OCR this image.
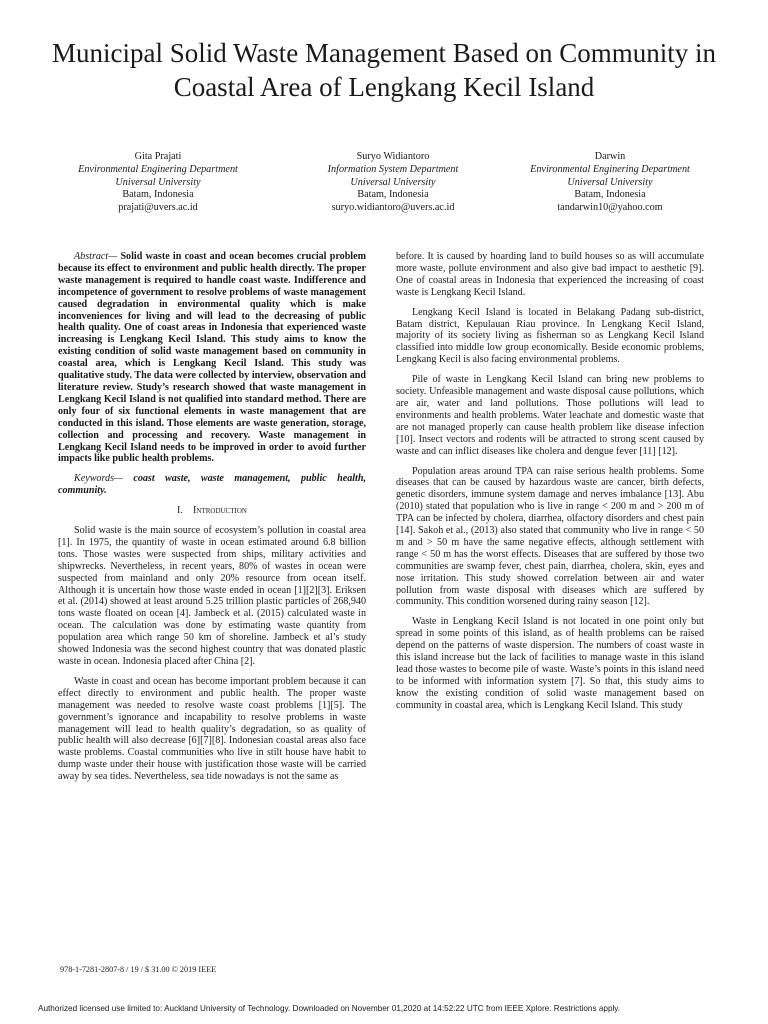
Municipal Solid Waste Management Based on Community in Coastal Area of Lengkang Kecil Island
Gita Prajati
Environmental Enginering Department
Universal University
Batam, Indonesia
prajati@uvers.ac.id
Suryo Widiantoro
Information System Department
Universal University
Batam, Indonesia
suryo.widiantoro@uvers.ac.id
Darwin
Environmental Enginering Department
Universal University
Batam, Indonesia
tandarwin10@yahoo.com

Abstract— Solid waste in coast and ocean becomes crucial problem because its effect to environment and public health directly. The proper waste management is required to handle coast waste. Indifference and incompetence of government to resolve problems of waste management caused degradation in environmental quality which is make inconveniences for living and will lead to the decreasing of public health quality. One of coast areas in Indonesia that experienced waste increasing is Lengkang Kecil Island. This study aims to know the existing condition of solid waste management based on community in coastal area, which is Lengkang Kecil Island. This study was qualitative study. The data were collected by interview, observation and literature review. Study’s research showed that waste management in Lengkang Kecil Island is not qualified into standard method. There are only four of six functional elements in waste management that are conducted in this island. Those elements are waste generation, storage, collection and processing and recovery. Waste management in Lengkang Kecil Island needs to be improved in order to avoid further impacts like public health problems.

Keywords— coast waste, waste management, public health, community.

I. Introduction

Solid waste is the main source of ecosystem’s pollution in coastal area [1]. In 1975, the quantity of waste in ocean estimated around 6.8 billion tons. Those wastes were suspected from ships, military activities and shipwrecks. Nevertheless, in recent years, 80% of wastes in ocean were suspected from mainland and only 20% resource from ocean itself. Although it is uncertain how those waste ended in ocean [1][2][3]. Eriksen et al. (2014) showed at least around 5.25 trillion plastic particles of 268,940 tons waste floated on ocean [4]. Jambeck et al. (2015) calculated waste in ocean. The calculation was done by estimating waste quantity from population area which range 50 km of shoreline. Jambeck et al’s study showed Indonesia was the second highest country that was donated plastic waste in ocean. Indonesia placed after China [2].

Waste in coast and ocean has become important problem because it can effect directly to environment and public health. The proper waste management was needed to resolve waste coast problems [1][5]. The government’s ignorance and incapability to resolve problems in waste management will lead to health quality’s degradation, so as quality of public health will also decrease [6][7][8]. Indonesian coastal areas also face waste problems. Coastal communities who live in stilt house have habit to dump waste under their house with justification those waste will be carried away by sea tides. Nevertheless, sea tide nowadays is not the same as

before. It is caused by hoarding land to build houses so as will accumulate more waste, pollute environment and also give bad impact to aesthetic [9]. One of coastal areas in Indonesia that experienced the increasing of coast waste is Lengkang Kecil Island.

Lengkang Kecil Island is located in Belakang Padang sub-district, Batam district, Kepulauan Riau province. In Lengkang Kecil Island, majority of its society living as fisherman so as Lengkang Kecil Island classified into middle low group economically. Beside economic problems, Lengkang Kecil is also facing environmental problems.

Pile of waste in Lengkang Kecil Island can bring new problems to society. Unfeasible management and waste disposal cause pollutions, which are air, water and land pollutions. Those pollutions will lead to environments and health problems. Water leachate and domestic waste that are not managed properly can cause health problem like disease infection [10]. Insect vectors and rodents will be attracted to strong scent caused by waste and can inflict diseases like cholera and dengue fever [11] [12].

Population areas around TPA can raise serious health problems. Some diseases that can be caused by hazardous waste are cancer, birth defects, genetic disorders, immune system damage and nerves imbalance [13]. Abu (2010) stated that population who is live in range < 200 m and > 200 m of TPA can be infected by cholera, diarrhea, olfactory disorders and chest pain [14]. Sakoh et al., (2013) also stated that community who live in range < 50 m and > 50 m have the same negative effects, although settlement with range < 50 m has the worst effects. Diseases that are suffered by those two communities are swamp fever, chest pain, diarrhea, cholera, skin, eyes and nose irritation. This study showed correlation between air and water pollution from waste disposal with diseases which are suffered by community. This condition worsened during rainy season [12].

Waste in Lengkang Kecil Island is not located in one point only but spread in some points of this island, as of health problems can be raised depend on the patterns of waste dispersion. The numbers of coast waste in this island increase but the lack of facilities to manage waste in this island lead those wastes to become pile of waste. Waste’s points in this island need to be informed with information system [7]. So that, this study aims to know the existing condition of solid waste management based on community in coastal area, which is Lengkang Kecil Island. This study

978-1-7281-2807-8 / 19 / $ 31.00 © 2019 IEEE
Authorized licensed use limited to: Auckland University of Technology. Downloaded on November 01,2020 at 14:52:22 UTC from IEEE Xplore. Restrictions apply.
